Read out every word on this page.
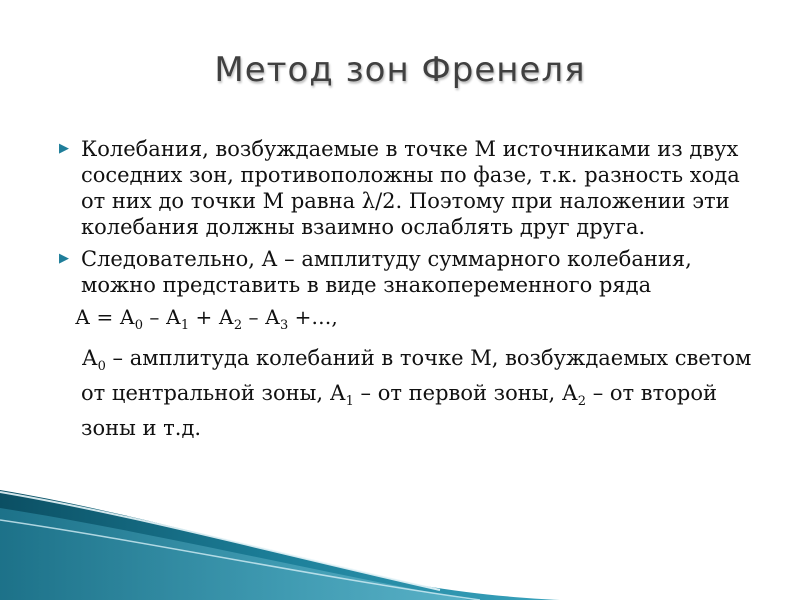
Метод зон Френеля
▶ Колебания, возбуждаемые в точке М источниками из двух соседних зон, противоположны по фазе, т.к. разность хода от них до точки М равна λ/2. Поэтому при наложении эти колебания должны взаимно ослаблять друг друга.
▶ Следовательно, А – амплитуду суммарного колебания, можно представить в виде знакопеременного ряда
$А = А_0 - А_1 + А_2 - А_3$ +…,
$А_0$ – амплитуда колебаний в точке М, возбуждаемых светом от центральной зоны, $А_1$ – от первой зоны, $А_2$ – от второй зоны и т.д.
